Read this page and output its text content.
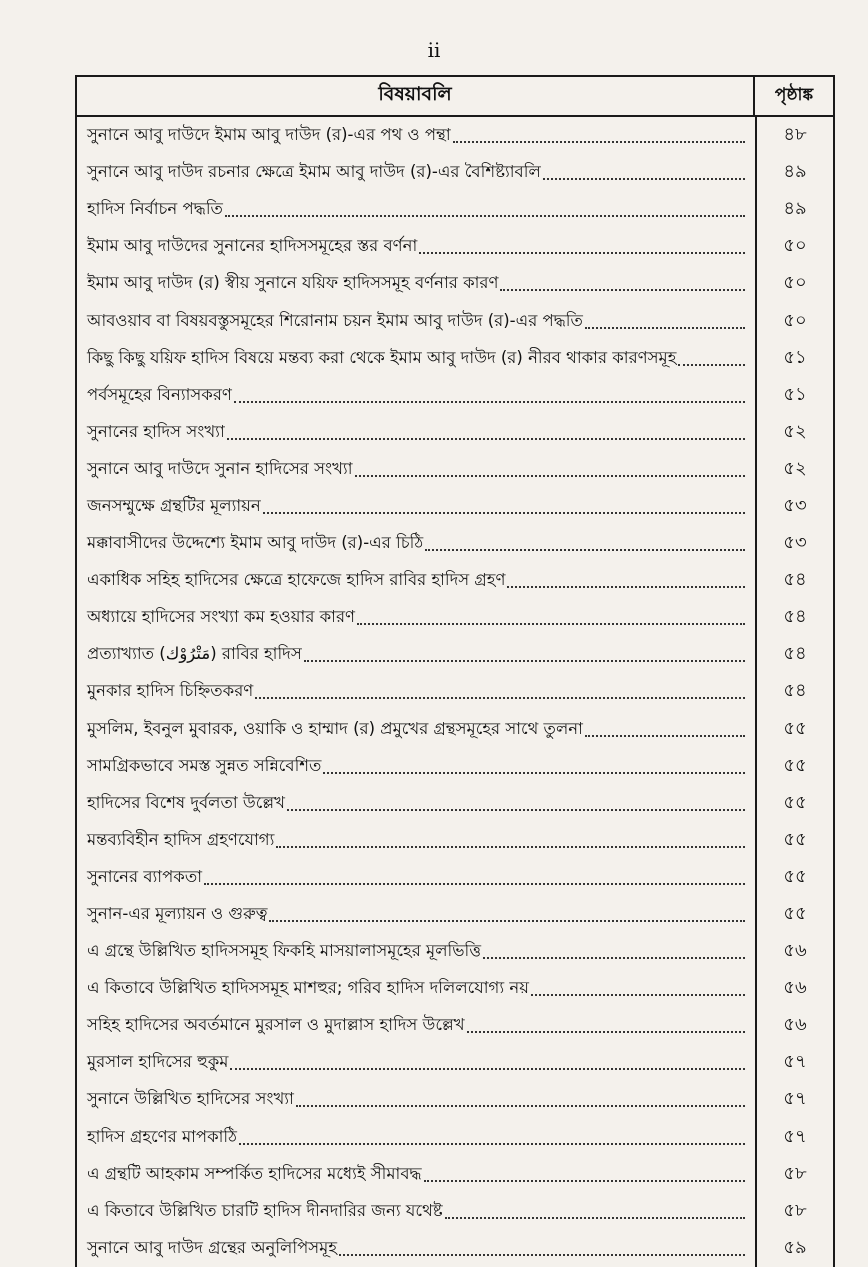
ii
বিষয়াবলি	পৃষ্ঠাঙ্ক
সুনানে আবু দাউদে ইমাম আবু দাউদ (র)-এর পথ ও পন্থা	৪৮
সুনানে আবু দাউদ রচনার ক্ষেত্রে ইমাম আবু দাউদ (র)-এর বৈশিষ্ট্যাবলি	৪৯
হাদিস নির্বাচন পদ্ধতি	৪৯
ইমাম আবু দাউদের সুনানের হাদিসসমূহের স্তর বর্ণনা	৫০
ইমাম আবু দাউদ (র) স্বীয় সুনানে যয়িফ হাদিসসমূহ বর্ণনার কারণ	৫০
আবওয়াব বা বিষয়বস্তুসমূহের শিরোনাম চয়ন ইমাম আবু দাউদ (র)-এর পদ্ধতি	৫০
কিছু কিছু যয়িফ হাদিস বিষয়ে মন্তব্য করা থেকে ইমাম আবু দাউদ (র) নীরব থাকার কারণসমূহ	৫১
পর্বসমূহের বিন্যাসকরণ	৫১
সুনানের হাদিস সংখ্যা	৫২
সুনানে আবু দাউদে সুনান হাদিসের সংখ্যা	৫২
জনসম্মুক্ষে গ্রন্থটির মূল্যায়ন	৫৩
মক্কাবাসীদের উদ্দেশ্যে ইমাম আবু দাউদ (র)-এর চিঠি	৫৩
একাধিক সহিহ হাদিসের ক্ষেত্রে হাফেজে হাদিস রাবির হাদিস গ্রহণ	৫৪
অধ্যায়ে হাদিসের সংখ্যা কম হওয়ার কারণ	৫৪
প্রত্যাখ্যাত (مَتْرُوْك) রাবির হাদিস	৫৪
মুনকার হাদিস চিহ্নিতকরণ	৫৪
মুসলিম, ইবনুল মুবারক, ওয়াকি ও হাম্মাদ (র) প্রমুখের গ্রন্থসমূহের সাথে তুলনা	৫৫
সামগ্রিকভাবে সমস্ত সুন্নত সন্নিবেশিত	৫৫
হাদিসের বিশেষ দুর্বলতা উল্লেখ	৫৫
মন্তব্যবিহীন হাদিস গ্রহণযোগ্য	৫৫
সুনানের ব্যাপকতা	৫৫
সুনান-এর মূল্যায়ন ও গুরুত্ব	৫৫
এ গ্রন্থে উল্লিখিত হাদিসসমূহ ফিকহি মাসয়ালাসমূহের মূলভিত্তি	৫৬
এ কিতাবে উল্লিখিত হাদিসসমূহ মাশহুর; গরিব হাদিস দলিলযোগ্য নয়	৫৬
সহিহ হাদিসের অবর্তমানে মুরসাল ও মুদাল্লাস হাদিস উল্লেখ	৫৬
মুরসাল হাদিসের হুকুম	৫৭
সুনানে উল্লিখিত হাদিসের সংখ্যা	৫৭
হাদিস গ্রহণের মাপকাঠি	৫৭
এ গ্রন্থটি আহকাম সম্পর্কিত হাদিসের মধ্যেই সীমাবদ্ধ	৫৮
এ কিতাবে উল্লিখিত চারটি হাদিস দীনদারির জন্য যথেষ্ট	৫৮
সুনানে আবু দাউদ গ্রন্থের অনুলিপিসমূহ	৫৯
